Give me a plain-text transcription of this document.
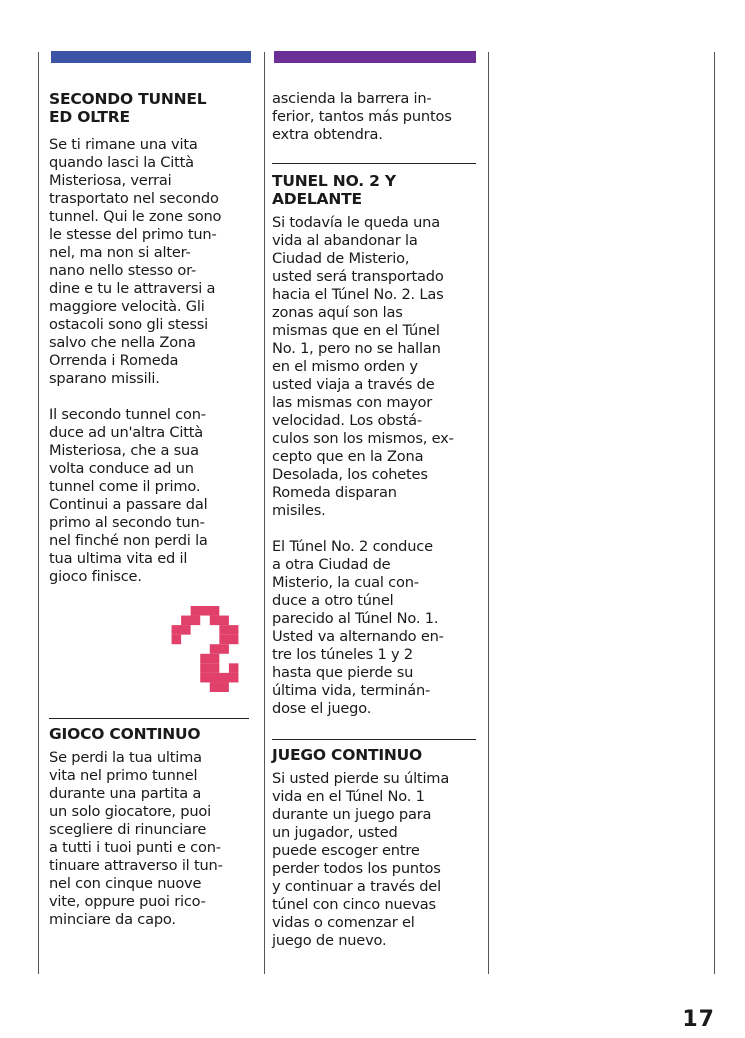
SECONDO TUNNEL
ED OLTRE

Se ti rimane una vita
quando lasci la Città
Misteriosa, verrai
trasportato nel secondo
tunnel. Qui le zone sono
le stesse del primo tun-
nel, ma non si alter-
nano nello stesso or-
dine e tu le attraversi a
maggiore velocità. Gli
ostacoli sono gli stessi
salvo che nella Zona
Orrenda i Romeda
sparano missili.

Il secondo tunnel con-
duce ad un'altra Città
Misteriosa, che a sua
volta conduce ad un
tunnel come il primo.
Continui a passare dal
primo al secondo tun-
nel finché non perdi la
tua ultima vita ed il
gioco finisce.

GIOCO CONTINUO

Se perdi la tua ultima
vita nel primo tunnel
durante una partita a
un solo giocatore, puoi
scegliere di rinunciare
a tutti i tuoi punti e con-
tinuare attraverso il tun-
nel con cinque nuove
vite, oppure puoi rico-
minciare da capo.

ascienda la barrera in-
ferior, tantos más puntos
extra obtendra.

TUNEL NO. 2 Y
ADELANTE

Si todavía le queda una
vida al abandonar la
Ciudad de Misterio,
usted será transportado
hacia el Túnel No. 2. Las
zonas aquí son las
mismas que en el Túnel
No. 1, pero no se hallan
en el mismo orden y
usted viaja a través de
las mismas con mayor
velocidad. Los obstá-
culos son los mismos, ex-
cepto que en la Zona
Desolada, los cohetes
Romeda disparan
misiles.

El Túnel No. 2 conduce
a otra Ciudad de
Misterio, la cual con-
duce a otro túnel
parecido al Túnel No. 1.
Usted va alternando en-
tre los túneles 1 y 2
hasta que pierde su
última vida, terminán-
dose el juego.

JUEGO CONTINUO

Si usted pierde su última
vida en el Túnel No. 1
durante un juego para
un jugador, usted
puede escoger entre
perder todos los puntos
y continuar a través del
túnel con cinco nuevas
vidas o comenzar el
juego de nuevo.

17
